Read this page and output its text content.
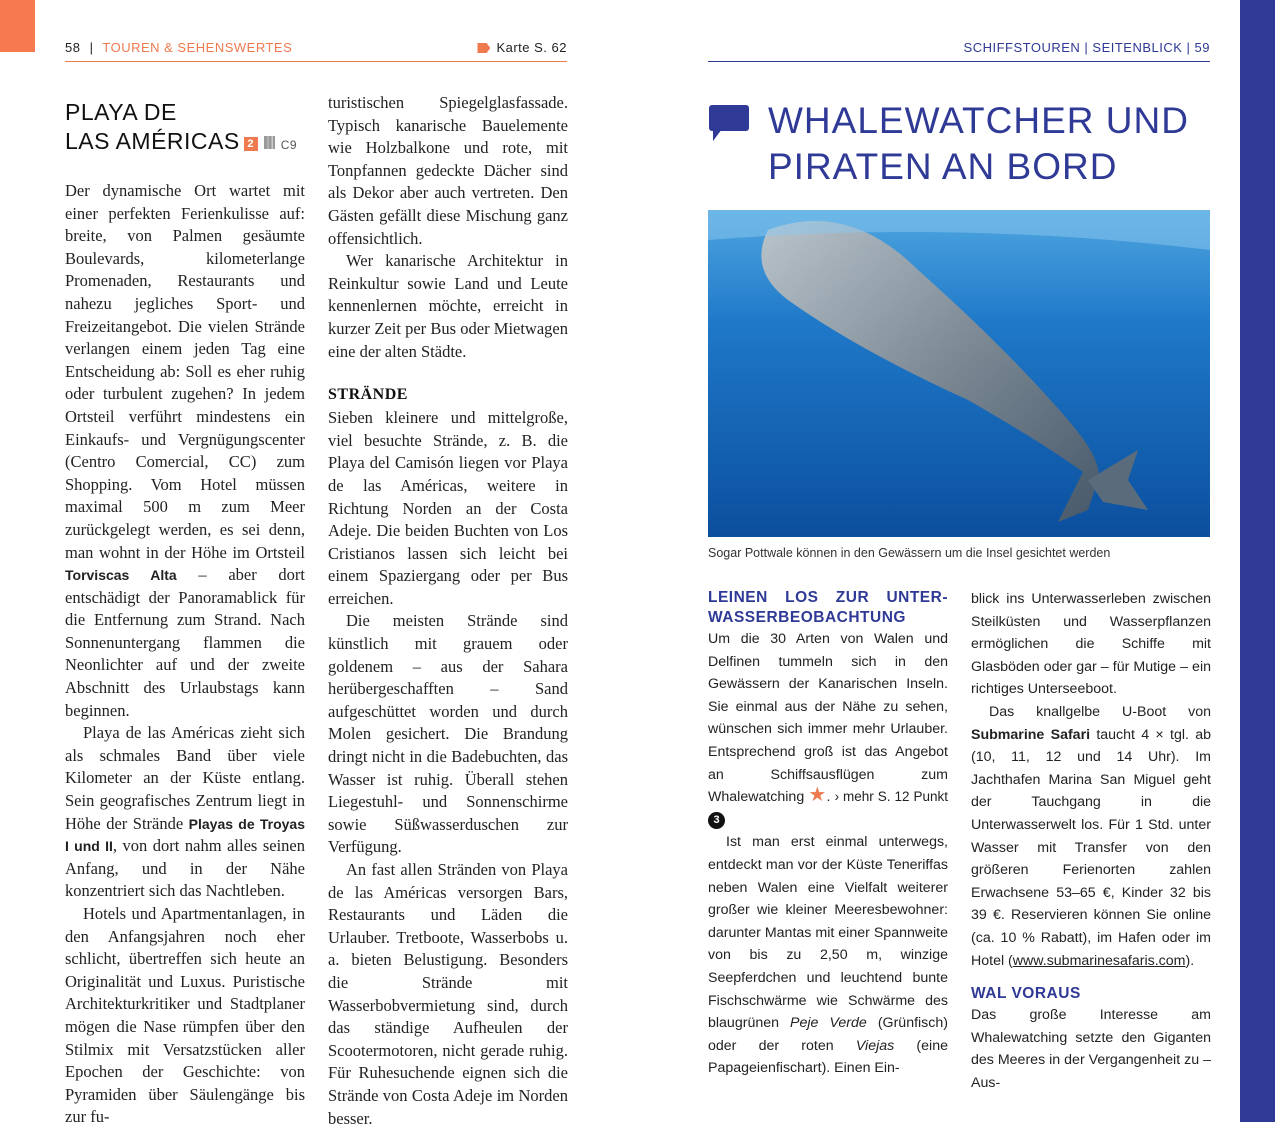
58 | TOUREN & SEHENSWERTES	Karte S. 62	SCHIFFSTOUREN | SEITENBLICK | 59
PLAYA DE
LAS AMÉRICAS 2 C9
WHALEWATCHER UND
PIRATEN AN BORD
Sogar Pottwale können in den Gewässern um die Insel gesichtet werden

Der dynamische Ort wartet mit einer perfekten Ferienkulisse auf: breite, von Palmen gesäumte Boulevards, kilometerlange Promenaden, Restaurants und nahezu jegliches Sport- und Freizeitangebot. Die vielen Strände verlangen einem jeden Tag eine Entscheidung ab: Soll es eher ruhig oder turbulent zugehen? In jedem Ortsteil verführt mindestens ein Einkaufs- und Vergnügungscenter (Centro Comercial, CC) zum Shopping. Vom Hotel müssen maximal 500 m zum Meer zurückgelegt werden, es sei denn, man wohnt in der Höhe im Ortsteil Torviscas Alta – aber dort entschädigt der Panoramablick für die Entfernung zum Strand. Nach Sonnenuntergang flammen die Neonlichter auf und der zweite Abschnitt des Urlaubstags kann beginnen.

Playa de las Américas zieht sich als schmales Band über viele Kilometer an der Küste entlang. Sein geografisches Zentrum liegt in Höhe der Strände Playas de Troyas I und II, von dort nahm alles seinen Anfang, und in der Nähe konzentriert sich das Nachtleben.

Hotels und Apartmentanlagen, in den Anfangsjahren noch eher schlicht, übertreffen sich heute an Originalität und Luxus. Puristische Architekturkritiker und Stadtplaner mögen die Nase rümpfen über den Stilmix mit Versatzstücken aller Epochen der Geschichte: von Pyramiden über Säulengänge bis zur fu-

turistischen Spiegelglasfassade. Typisch kanarische Bauelemente wie Holzbalkone und rote, mit Tonpfannen gedeckte Dächer sind als Dekor aber auch vertreten. Den Gästen gefällt diese Mischung ganz offensichtlich.

Wer kanarische Architektur in Reinkultur sowie Land und Leute kennenlernen möchte, erreicht in kurzer Zeit per Bus oder Mietwagen eine der alten Städte.

STRÄNDE

Sieben kleinere und mittelgroße, viel besuchte Strände, z. B. die Playa del Camisón liegen vor Playa de las Américas, weitere in Richtung Norden an der Costa Adeje. Die beiden Buchten von Los Cristianos lassen sich leicht bei einem Spaziergang oder per Bus erreichen.

Die meisten Strände sind künstlich mit grauem oder goldenem – aus der Sahara herübergeschafften – Sand aufgeschüttet worden und durch Molen gesichert. Die Brandung dringt nicht in die Badebuchten, das Wasser ist ruhig. Überall stehen Liegestuhl- und Sonnenschirme sowie Süßwasserduschen zur Verfügung.

An fast allen Stränden von Playa de las Américas versorgen Bars, Restaurants und Läden die Urlauber. Tretboote, Wasserbobs u. a. bieten Belustigung. Besonders die Strände mit Wasserbobvermietung sind, durch das ständige Aufheulen der Scootermotoren, nicht gerade ruhig. Für Ruhesuchende eignen sich die Strände von Costa Adeje im Norden besser.

LEINEN LOS ZUR UNTER-WASSERBEOBACHTUNG

Um die 30 Arten von Walen und Delfinen tummeln sich in den Gewässern der Kanarischen Inseln. Sie einmal aus der Nähe zu sehen, wünschen sich immer mehr Urlauber. Entsprechend groß ist das Angebot an Schiffsausflügen zum Whalewatching ★. › mehr S. 12 Punkt 3

Ist man erst einmal unterwegs, entdeckt man vor der Küste Teneriffas neben Walen eine Vielfalt weiterer großer wie kleiner Meeresbewohner: darunter Mantas mit einer Spannweite von bis zu 2,50 m, winzige Seepferdchen und leuchtend bunte Fischschwärme wie Schwärme des blaugrünen Peje Verde (Grünfisch) oder der roten Viejas (eine Papageienfischart). Einen Ein-

blick ins Unterwasserleben zwischen Steilküsten und Wasserpflanzen ermöglichen die Schiffe mit Glasböden oder gar – für Mutige – ein richtiges Unterseeboot.

Das knallgelbe U-Boot von Submarine Safari taucht 4 × tgl. ab (10, 11, 12 und 14 Uhr). Im Jachthafen Marina San Miguel geht der Tauchgang in die Unterwasserwelt los. Für 1 Std. unter Wasser mit Transfer von den größeren Ferienorten zahlen Erwachsene 53–65 €, Kinder 32 bis 39 €. Reservieren können Sie online (ca. 10 % Rabatt), im Hafen oder im Hotel (www.submarinesafaris.com).

WAL VORAUS

Das große Interesse am Whalewatching setzte den Giganten des Meeres in der Vergangenheit zu – Aus-
